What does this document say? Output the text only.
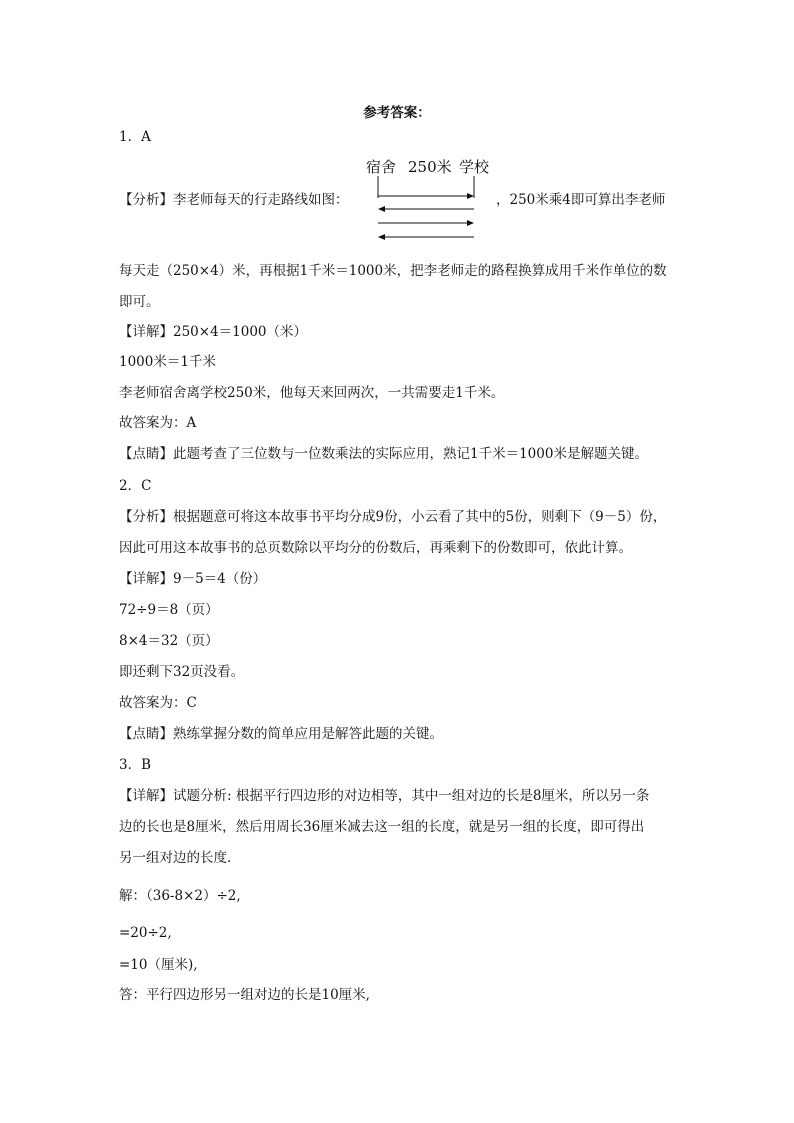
参考答案：
1．A
宿舍 250米 学校
【分析】李老师每天的行走路线如图：	，250米乘4即可算出李老师
每天走（250×4）米，再根据1千米＝1000米，把李老师走的路程换算成用千米作单位的数
即可。
【详解】250×4＝1000（米）
1000米＝1千米
李老师宿舍离学校250米，他每天来回两次，一共需要走1千米。
故答案为：A
【点睛】此题考查了三位数与一位数乘法的实际应用，熟记1千米＝1000米是解题关键。
2．C
【分析】根据题意可将这本故事书平均分成9份，小云看了其中的5份，则剩下（9－5）份，
因此可用这本故事书的总页数除以平均分的份数后，再乘剩下的份数即可，依此计算。
【详解】9－5＝4（份）
72÷9＝8（页）
8×4＝32（页）
即还剩下32页没看。
故答案为：C
【点睛】熟练掌握分数的简单应用是解答此题的关键。
3．B
【详解】试题分析: 根据平行四边形的对边相等，其中一组对边的长是8厘米，所以另一条
边的长也是8厘米，然后用周长36厘米减去这一组的长度，就是另一组的长度，即可得出
另一组对边的长度.
解：（36-8×2）÷2,
=20÷2,
=10（厘米),
答：平行四边形另一组对边的长是10厘米,
